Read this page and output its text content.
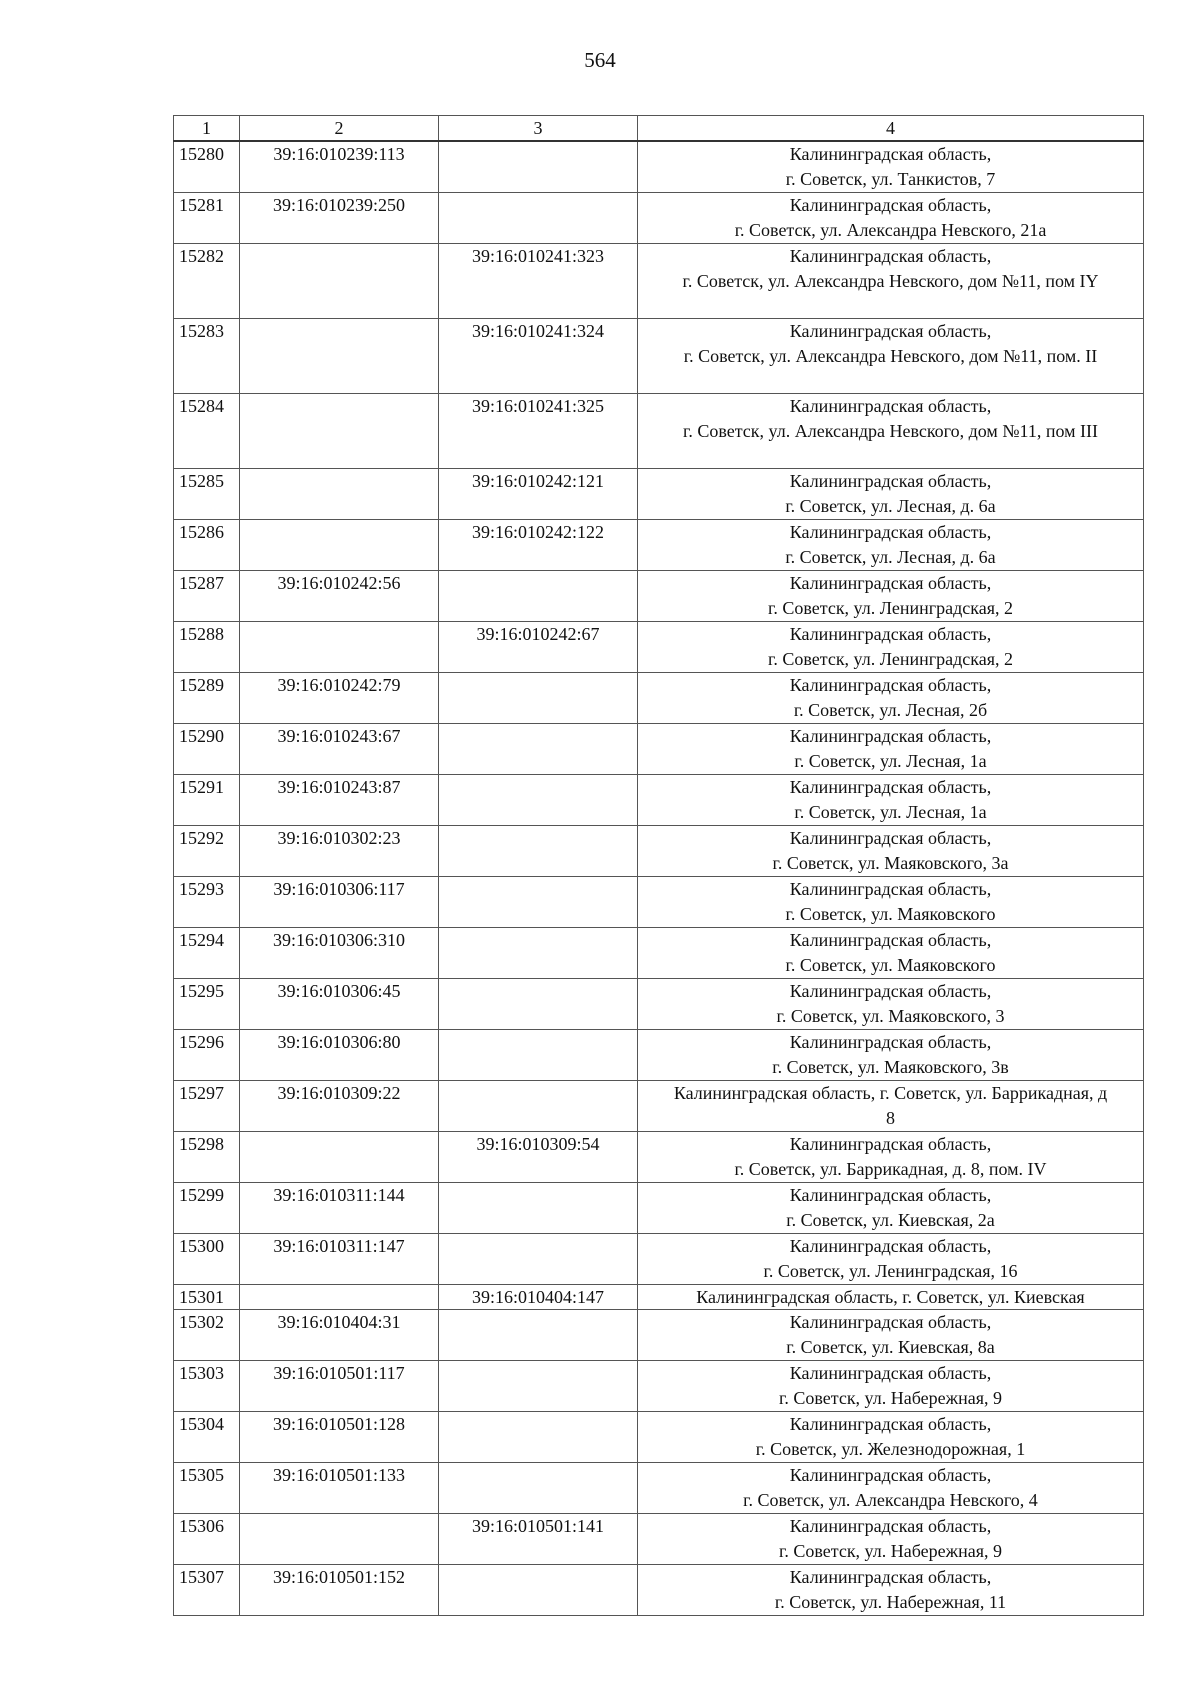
564
1	2	3	4
15280	39:16:010239:113		Калининградская область,
г. Советск, ул. Танкистов, 7

15281	39:16:010239:250		Калининградская область,
г. Советск, ул. Александра Невского, 21а

15282		39:16:010241:323	Калининградская область,
г. Советск, ул. Александра Невского, дом №11, пом IY

15283		39:16:010241:324	Калининградская область,
г. Советск, ул. Александра Невского, дом №11, пом. II

15284		39:16:010241:325	Калининградская область,
г. Советск, ул. Александра Невского, дом №11, пом III

15285		39:16:010242:121	Калининградская область,
г. Советск, ул. Лесная, д. 6а

15286		39:16:010242:122	Калининградская область,
г. Советск, ул. Лесная, д. 6а

15287	39:16:010242:56		Калининградская область,
г. Советск, ул. Ленинградская, 2

15288		39:16:010242:67	Калининградская область,
г. Советск, ул. Ленинградская, 2

15289	39:16:010242:79		Калининградская область,
г. Советск, ул. Лесная, 2б

15290	39:16:010243:67		Калининградская область,
г. Советск, ул. Лесная, 1а

15291	39:16:010243:87		Калининградская область,
г. Советск, ул. Лесная, 1а

15292	39:16:010302:23		Калининградская область,
г. Советск, ул. Маяковского, 3а

15293	39:16:010306:117		Калининградская область,
г. Советск, ул. Маяковского

15294	39:16:010306:310		Калининградская область,
г. Советск, ул. Маяковского

15295	39:16:010306:45		Калининградская область,
г. Советск, ул. Маяковского, 3

15296	39:16:010306:80		Калининградская область,
г. Советск, ул. Маяковского, 3в

15297	39:16:010309:22		Калининградская область, г. Советск, ул. Баррикадная, д
8

15298		39:16:010309:54	Калининградская область,
г. Советск, ул. Баррикадная, д. 8, пом. IV

15299	39:16:010311:144		Калининградская область,
г. Советск, ул. Киевская, 2а

15300	39:16:010311:147		Калининградская область,
г. Советск, ул. Ленинградская, 16

15301		39:16:010404:147	Калининградская область, г. Советск, ул. Киевская

15302	39:16:010404:31		Калининградская область,
г. Советск, ул. Киевская, 8а

15303	39:16:010501:117		Калининградская область,
г. Советск, ул. Набережная, 9

15304	39:16:010501:128		Калининградская область,
г. Советск, ул. Железнодорожная, 1

15305	39:16:010501:133		Калининградская область,
г. Советск, ул. Александра Невского, 4

15306		39:16:010501:141	Калининградская область,
г. Советск, ул. Набережная, 9

15307	39:16:010501:152		Калининградская область,
г. Советск, ул. Набережная, 11
